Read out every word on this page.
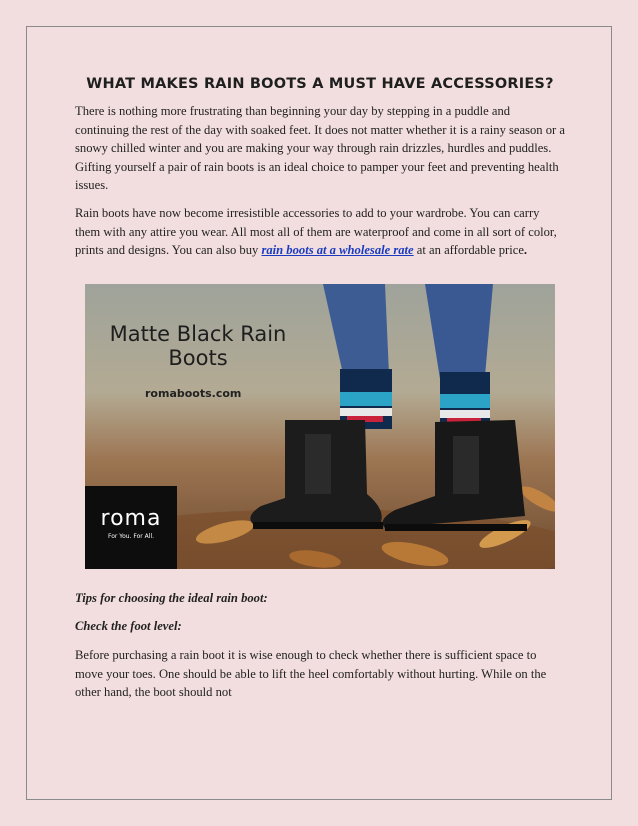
WHAT MAKES RAIN BOOTS A MUST HAVE ACCESSORIES?

There is nothing more frustrating than beginning your day by stepping in a puddle and continuing the rest of the day with soaked feet. It does not matter whether it is a rainy season or a snowy chilled winter and you are making your way through rain drizzles, hurdles and puddles. Gifting yourself a pair of rain boots is an ideal choice to pamper your feet and preventing health issues.

Rain boots have now become irresistible accessories to add to your wardrobe. You can carry them with any attire you wear. All most all of them are waterproof and come in all sort of color, prints and designs. You can also buy rain boots at a wholesale rate at an affordable price.

Matte Black Rain Boots
romaboots.com
roma
For You. For All.

Tips for choosing the ideal rain boot:

Check the foot level:

Before purchasing a rain boot it is wise enough to check whether there is sufficient space to move your toes. One should be able to lift the heel comfortably without hurting. While on the other hand, the boot should not
